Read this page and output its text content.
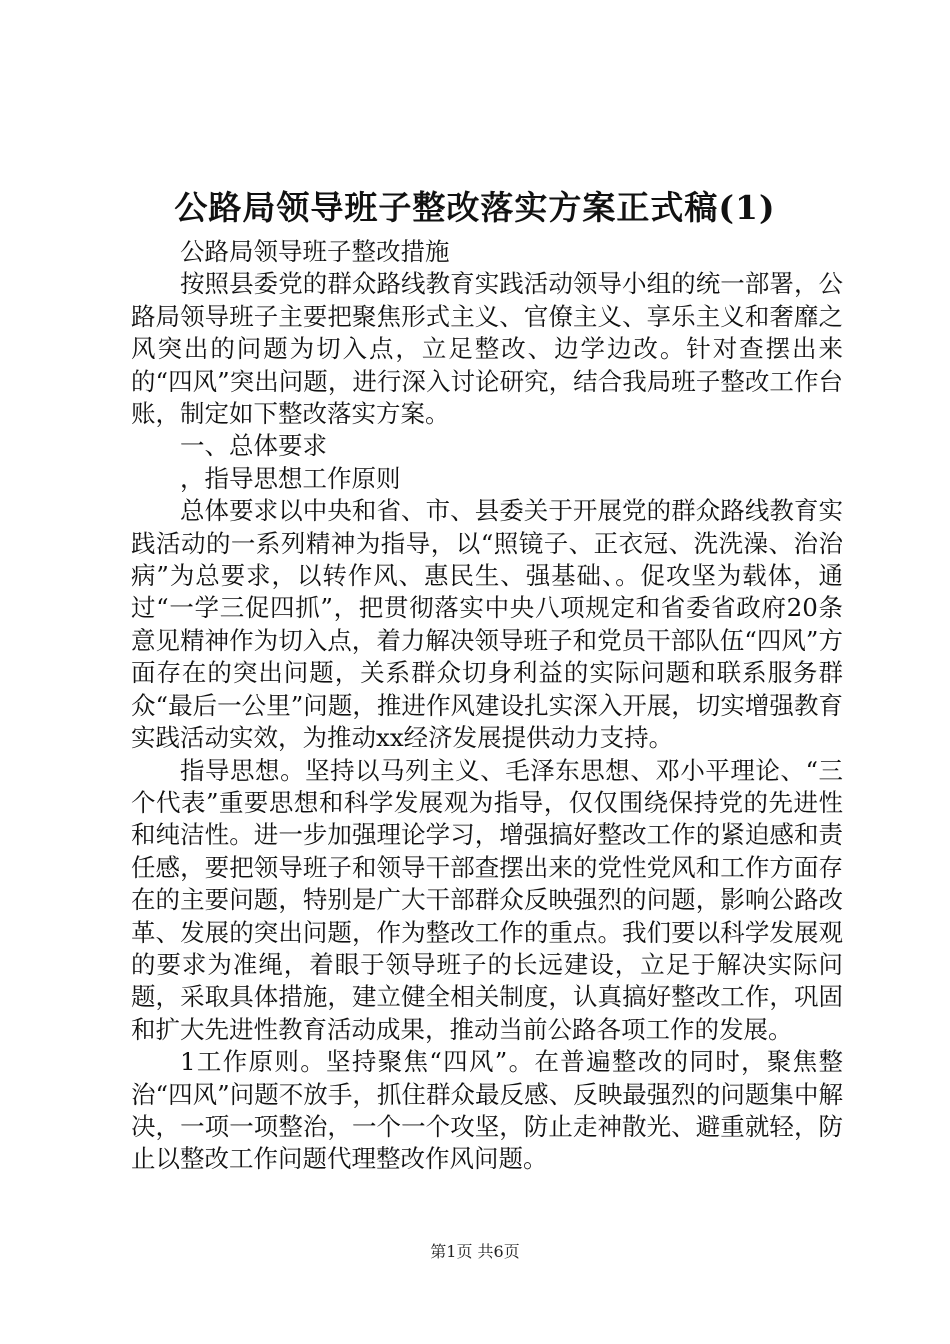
公路局领导班子整改落实方案正式稿(1)

公路局领导班子整改措施

按照县委党的群众路线教育实践活动领导小组的统一部署，公路局领导班子主要把聚焦形式主义、官僚主义、享乐主义和奢靡之风突出的问题为切入点，立足整改、边学边改。针对查摆出来的“四风”突出问题，进行深入讨论研究，结合我局班子整改工作台账，制定如下整改落实方案。

一、总体要求

，指导思想工作原则

总体要求以中央和省、市、县委关于开展党的群众路线教育实践活动的一系列精神为指导，以“照镜子、正衣冠、洗洗澡、治治病”为总要求，以转作风、惠民生、强基础、。促攻坚为载体，通过“一学三促四抓”，把贯彻落实中央八项规定和省委省政府20条意见精神作为切入点，着力解决领导班子和党员干部队伍“四风”方面存在的突出问题，关系群众切身利益的实际问题和联系服务群众“最后一公里”问题，推进作风建设扎实深入开展，切实增强教育实践活动实效，为推动xx经济发展提供动力支持。

指导思想。坚持以马列主义、毛泽东思想、邓小平理论、“三个代表”重要思想和科学发展观为指导，仅仅围绕保持党的先进性和纯洁性。进一步加强理论学习，增强搞好整改工作的紧迫感和责任感，要把领导班子和领导干部查摆出来的党性党风和工作方面存在的主要问题，特别是广大干部群众反映强烈的问题，影响公路改革、发展的突出问题，作为整改工作的重点。我们要以科学发展观的要求为准绳，着眼于领导班子的长远建设，立足于解决实际问题，采取具体措施，建立健全相关制度，认真搞好整改工作，巩固和扩大先进性教育活动成果，推动当前公路各项工作的发展。

1工作原则。坚持聚焦“四风”。在普遍整改的同时，聚焦整治“四风”问题不放手，抓住群众最反感、反映最强烈的问题集中解决，一项一项整治，一个一个攻坚，防止走神散光、避重就轻，防止以整改工作问题代理整改作风问题。

第1页 共6页
